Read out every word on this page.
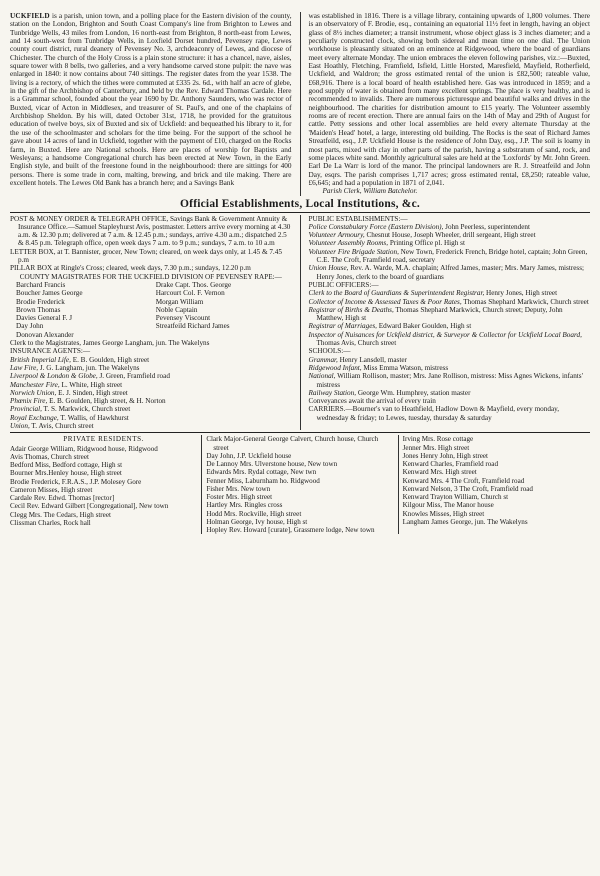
UCKFIELD is a parish, union town, and a polling place for the Eastern division of the county, station on the London, Brighton and South Coast Company's line from Brighton to Lewes and Tunbridge Wells, 43 miles from London, 16 north-east from Brighton, 8 north-east from Lewes, and 14 south-west from Tunbridge Wells, in Loxfield Dorset hundred, Pevensey rape, Lewes county court district, rural deanery of Pevensey No. 3, archdeaconry of Lewes, and diocese of Chichester. The church of the Holy Cross is a plain stone structure: it has a chancel, nave, aisles, square tower with 8 bells, two galleries, and a very handsome carved stone pulpit: the nave was enlarged in 1840: it now contains about 740 sittings. The register dates from the year 1538. The living is a rectory, of which the tithes were commuted at £335 2s. 6d., with half an acre of glebe, in the gift of the Archbishop of Canterbury, and held by the Rev. Edward Thomas Cardale. Here is a Grammar school, founded about the year 1690 by Dr. Anthony Saunders, who was rector of Buxted, vicar of Acton in Middlesex, and treasurer of St. Paul's, and one of the chaplains of Archbishop Sheldon. By his will, dated October 31st, 1718, he provided for the gratuitous education of twelve boys, six of Buxted and six of Uckfield: and bequeathed his library to it, for the use of the schoolmaster and scholars for the time being. For the support of the school he gave about 14 acres of land in Uckfield, together with the payment of £10, charged on the Rocks farm, in Buxted. Here are National schools. Here are places of worship for Baptists and Wesleyans; a handsome Congregational church has been erected at New Town, in the Early English style, and built of the freestone found in the neighbourhood: there are sittings for 400 persons. There is some trade in corn, malting, brewing, and brick and tile making. There are excellent hotels. The Lewes Old Bank has a branch here; and a Savings Bank

was established in 1816. There is a village library, containing upwards of 1,800 volumes. There is an observatory of F. Brodie, esq., containing an equatorial 11½ feet in length, having an object glass of 8½ inches diameter; a transit instrument, whose object glass is 3 inches diameter; and a peculiarly constructed clock, showing both sidereal and mean time on one dial. The Union workhouse is pleasantly situated on an eminence at Ridgewood, where the board of guardians meet every alternate Monday. The union embraces the eleven following parishes, viz.:—Buxted, East Hoathly, Fletching, Framfield, Isfield, Little Horsted, Maresfield, Mayfield, Rotherfield, Uckfield, and Waldron; the gross estimated rental of the union is £82,500; rateable value, £68,916. There is a local board of health established here. Gas was introduced in 1859; and a good supply of water is obtained from many excellent springs. The place is very healthy, and is recommended to invalids. There are numerous picturesque and beautiful walks and drives in the neighbourhood. The charities for distribution amount to £15 yearly. The Volunteer assembly rooms are of recent erection. There are annual fairs on the 14th of May and 29th of August for cattle. Petty sessions and other local assemblies are held every alternate Thursday at the 'Maiden's Head' hotel, a large, interesting old building. The Rocks is the seat of Richard James Streatfeild, esq., J.P. Uckfield House is the residence of John Day, esq., J.P. The soil is loamy in most parts, mixed with clay in other parts of the parish, having a substratum of sand, rock, and some places white sand. Monthly agricultural sales are held at the 'Loxfords' by Mr. John Green. Earl De La Warr is lord of the manor. The principal landowners are R. J. Streatfeild and John Day, esqrs. The parish comprises 1,717 acres; gross estimated rental, £8,250; rateable value, £6,645; and had a population in 1871 of 2,041.

Parish Clerk, William Batchelor.

Official Establishments, Local Institutions, &c.

POST & MONEY ORDER & TELEGRAPH OFFICE, Savings Bank & Government Annuity & Insurance Office.—Samuel Stapleyhurst Avis, postmaster. Letters arrive every morning at 4.30 a.m. & 12.30 p.m; delivered at 7 a.m. & 12.45 p.m.; sundays, arrive 4.30 a.m.; dispatched 2.5 & 8.45 p.m. Telegraph office, open week days 7 a.m. to 9 p.m.; sundays, 7 a.m. to 10 a.m

LETTER BOX, at T. Bannister, grocer, New Town; cleared, on week days only, at 1.45 & 7.45 p.m

PILLAR BOX at Ringle's Cross; cleared, week days, 7.30 p.m.; sundays, 12.20 p.m

COUNTY MAGISTRATES FOR THE UCKFIELD DIVISION OF PEVENSEY RAPE:—

Barchard Francis	Drake Capt. Thos. George
Boucher James George	Harcourt Col. F. Vernon
Brodie Frederick	Morgan William
Brown Thomas	Noble Captain
Davies General F. J	Pevensey Viscount
Day John	Streatfeild Richard James
Donovan Alexander

Clerk to the Magistrates, James George Langham, jun. The Wakelyns

INSURANCE AGENTS:—

British Imperial Life, E. B. Goulden, High street

Law Fire, J. G. Langham, jun. The Wakelyns

Liverpool & London & Globe, J. Green, Framfield road

Manchester Fire, L. White, High street

Norwich Union, E. J. Sinden, High street

Phœnix Fire, E. B. Goulden, High street, & H. Norton

Provincial, T. S. Markwick, Church street

Royal Exchange, T. Wallis, of Hawkhurst

Union, T. Avis, Church street

PUBLIC ESTABLISHMENTS:—

Police Constabulary Force (Eastern Division), John Peerless, superintendent

Volunteer Armoury, Chesnut House, Joseph Wheeler, drill sergeant, High street

Volunteer Assembly Rooms, Printing Office pl. High st

Volunteer Fire Brigade Station, New Town, Frederick French, Bridge hotel, captain; John Green, C.E. The Croft, Framfield road, secretary

Union House, Rev. A. Warde, M.A. chaplain; Alfred James, master; Mrs. Mary James, mistress; Henry Jones, clerk to the board of guardians

PUBLIC OFFICERS:—

Clerk to the Board of Guardians & Superintendent Registrar, Henry Jones, High street

Collector of Income & Assessed Taxes & Poor Rates, Thomas Shephard Markwick, Church street

Registrar of Births & Deaths, Thomas Shephard Markwick, Church street; Deputy, John Matthew, High st

Registrar of Marriages, Edward Baker Goulden, High st

Inspector of Nuisances for Uckfield district, & Surveyor & Collector for Uckfield Local Board, Thomas Avis, Church street

SCHOOLS:—

Grammar, Henry Lansdell, master

Ridgewood Infant, Miss Emma Watson, mistress

National, William Rollison, master; Mrs. Jane Rollison, mistress: Miss Agnes Wickens, infants' mistress

Railway Station, George Wm. Humphrey, station master

Conveyances await the arrival of every train

CARRIERS.—Bourner's van to Heathfield, Hadlow Down & Mayfield, every monday, wednesday & friday; to Lewes, tuesday, thursday & saturday

PRIVATE RESIDENTS.
Adair George William, Ridgwood house, Ridgwood
Avis Thomas, Church street
Bedford Miss, Bedford cottage, High st
Bourner Mrs.Henley house, High street
Brodie Frederick, F.R.A.S., J.P. Molesey Gore
Cameron Misses, High street
Cardale Rev. Edwd. Thomas [rector]
Cecil Rev. Edward Gilbert [Congregational], New town
Clegg Mrs. The Cedars, High street
Clissman Charles, Rock hall
Clark Major-General George Calvert, Church house, Church street
Day John, J.P. Uckfield house
De Lannoy Mrs. Ulverstone house, New town
Edwards Mrs. Rydal cottage, New twn
Fenner Miss, Laburnham ho. Ridgwood
Fisher Mrs. New town
Foster Mrs. High street
Hartley Mrs. Ringles cross
Hodd Mrs. Rockville, High street
Holman George, Ivy house, High st
Hopley Rev. Howard [curate], Grassmere lodge, New town
Irving Mrs. Rose cottage
Jenner Mrs. High street
Jones Henry John, High street
Kenward Charles, Framfield road
Kenward Mrs. High street
Kenward Mrs. 4 The Croft, Framfield road
Kenward Nelson, 3 The Croft, Framfield road
Kenward Trayton William, Church st
Kilgour Miss, The Manor house
Knowles Misses, High street
Langham James George, jun. The Wakelyns
